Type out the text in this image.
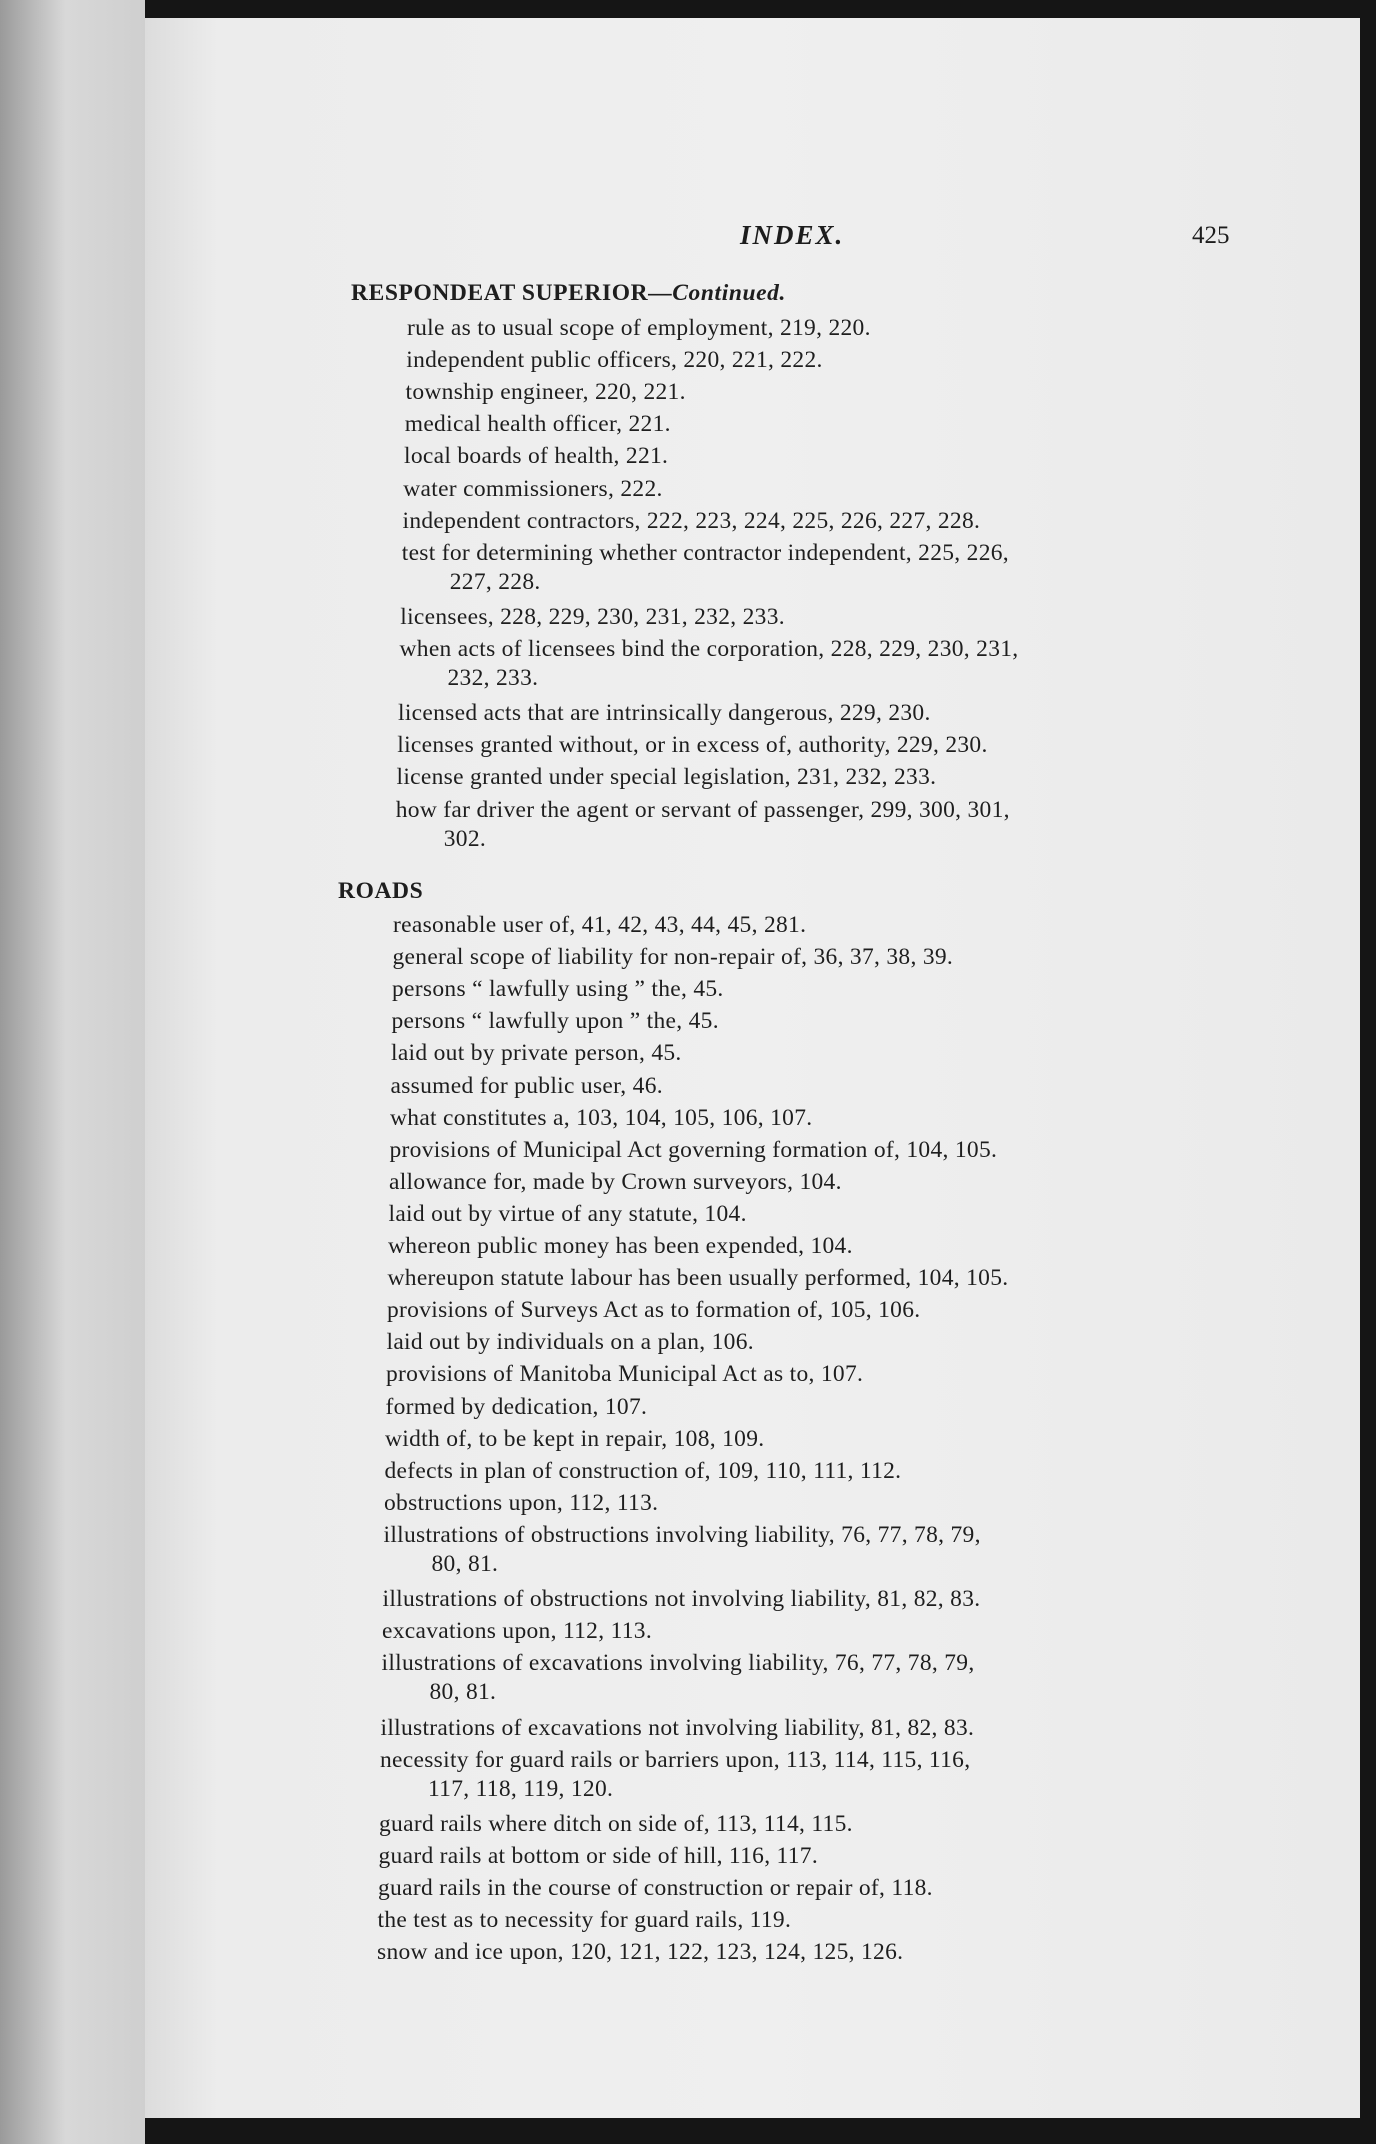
INDEX.	425
RESPONDEAT SUPERIOR—Continued.
rule as to usual scope of employment, 219, 220.
independent public officers, 220, 221, 222.
township engineer, 220, 221.
medical health officer, 221.
local boards of health, 221.
water commissioners, 222.
independent contractors, 222, 223, 224, 225, 226, 227, 228.
test for determining whether contractor independent, 225, 226,
227, 228.
licensees, 228, 229, 230, 231, 232, 233.
when acts of licensees bind the corporation, 228, 229, 230, 231,
232, 233.
licensed acts that are intrinsically dangerous, 229, 230.
licenses granted without, or in excess of, authority, 229, 230.
license granted under special legislation, 231, 232, 233.
how far driver the agent or servant of passenger, 299, 300, 301,
302.
ROADS
reasonable user of, 41, 42, 43, 44, 45, 281.
general scope of liability for non-repair of, 36, 37, 38, 39.
persons “ lawfully using ” the, 45.
persons “ lawfully upon ” the, 45.
laid out by private person, 45.
assumed for public user, 46.
what constitutes a, 103, 104, 105, 106, 107.
provisions of Municipal Act governing formation of, 104, 105.
allowance for, made by Crown surveyors, 104.
laid out by virtue of any statute, 104.
whereon public money has been expended, 104.
whereupon statute labour has been usually performed, 104, 105.
provisions of Surveys Act as to formation of, 105, 106.
laid out by individuals on a plan, 106.
provisions of Manitoba Municipal Act as to, 107.
formed by dedication, 107.
width of, to be kept in repair, 108, 109.
defects in plan of construction of, 109, 110, 111, 112.
obstructions upon, 112, 113.
illustrations of obstructions involving liability, 76, 77, 78, 79,
80, 81.
illustrations of obstructions not involving liability, 81, 82, 83.
excavations upon, 112, 113.
illustrations of excavations involving liability, 76, 77, 78, 79,
80, 81.
illustrations of excavations not involving liability, 81, 82, 83.
necessity for guard rails or barriers upon, 113, 114, 115, 116,
117, 118, 119, 120.
guard rails where ditch on side of, 113, 114, 115.
guard rails at bottom or side of hill, 116, 117.
guard rails in the course of construction or repair of, 118.
the test as to necessity for guard rails, 119.
snow and ice upon, 120, 121, 122, 123, 124, 125, 126.
